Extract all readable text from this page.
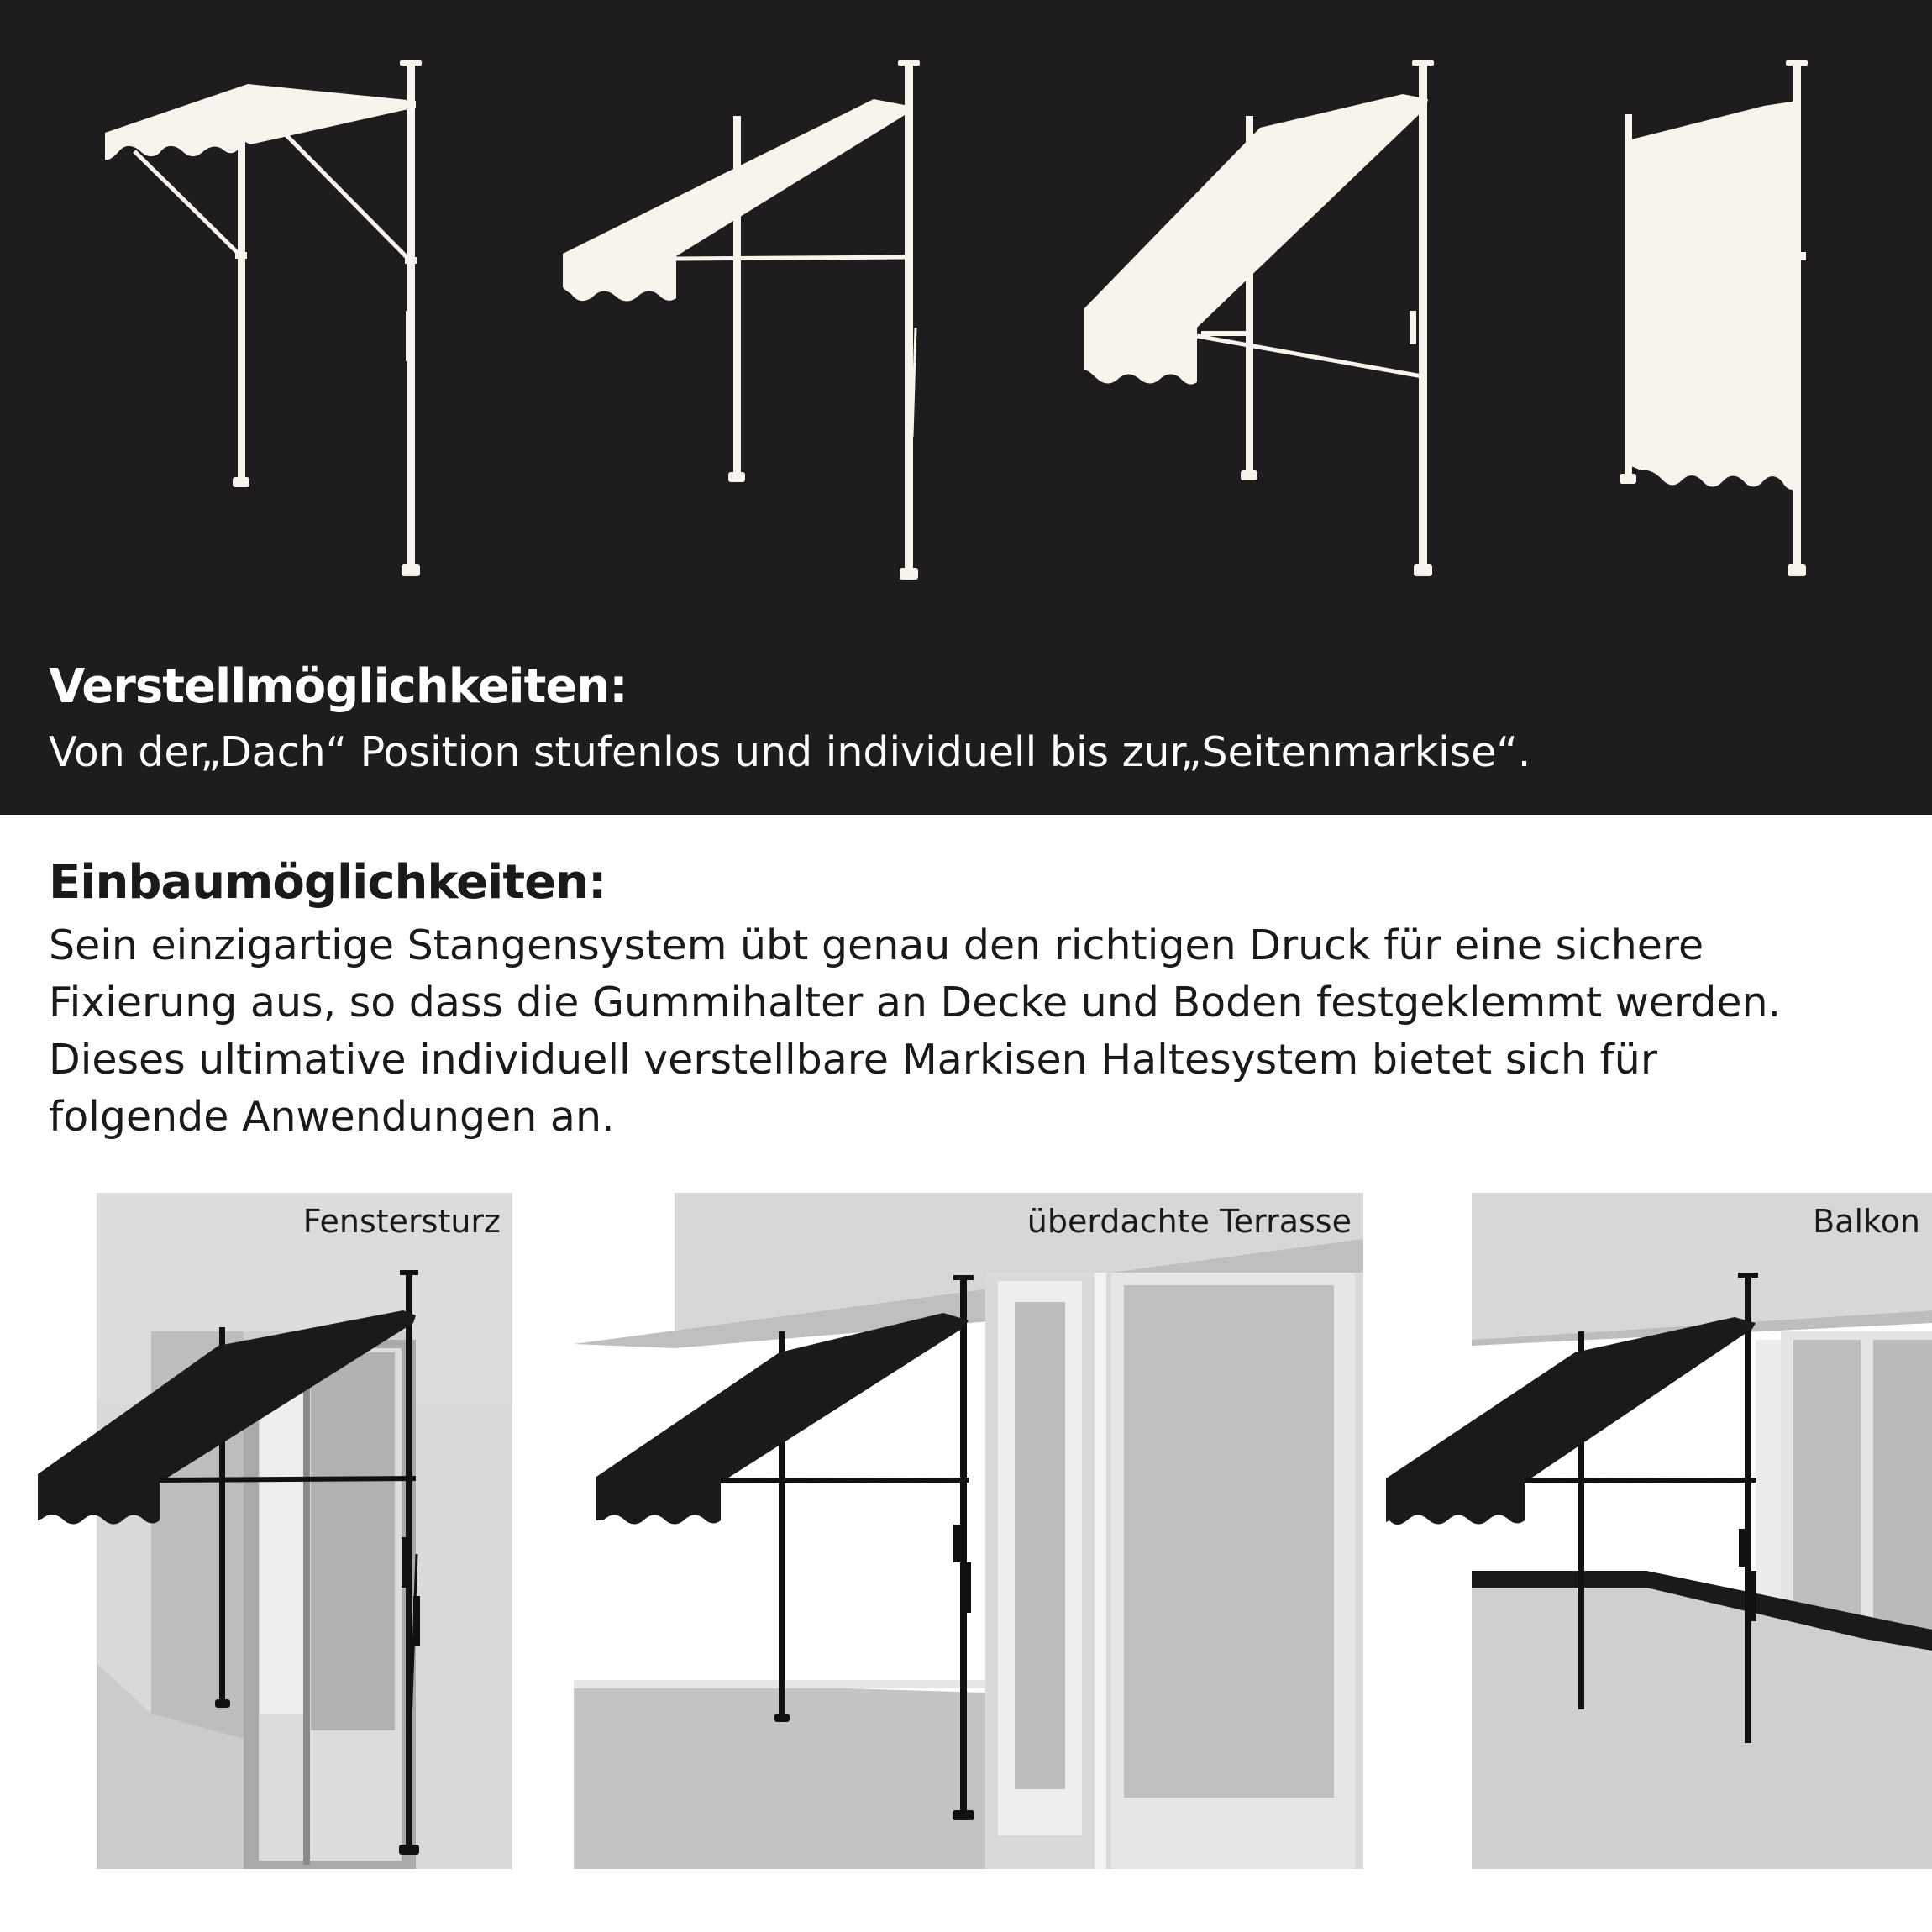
Verstellmöglichkeiten:

Von der„Dach“ Position stufenlos und individuell bis zur„Seitenmarkise“.

Einbaumöglichkeiten:

Sein einzigartige Stangensystem übt genau den richtigen Druck für eine sichere

Fixierung aus, so dass die Gummihalter an Decke und Boden festgeklemmt werden.

Dieses ultimative individuell verstellbare Markisen Haltesystem bietet sich für

folgende Anwendungen an.

Fenstersturz	überdachte Terrasse	Balkon
